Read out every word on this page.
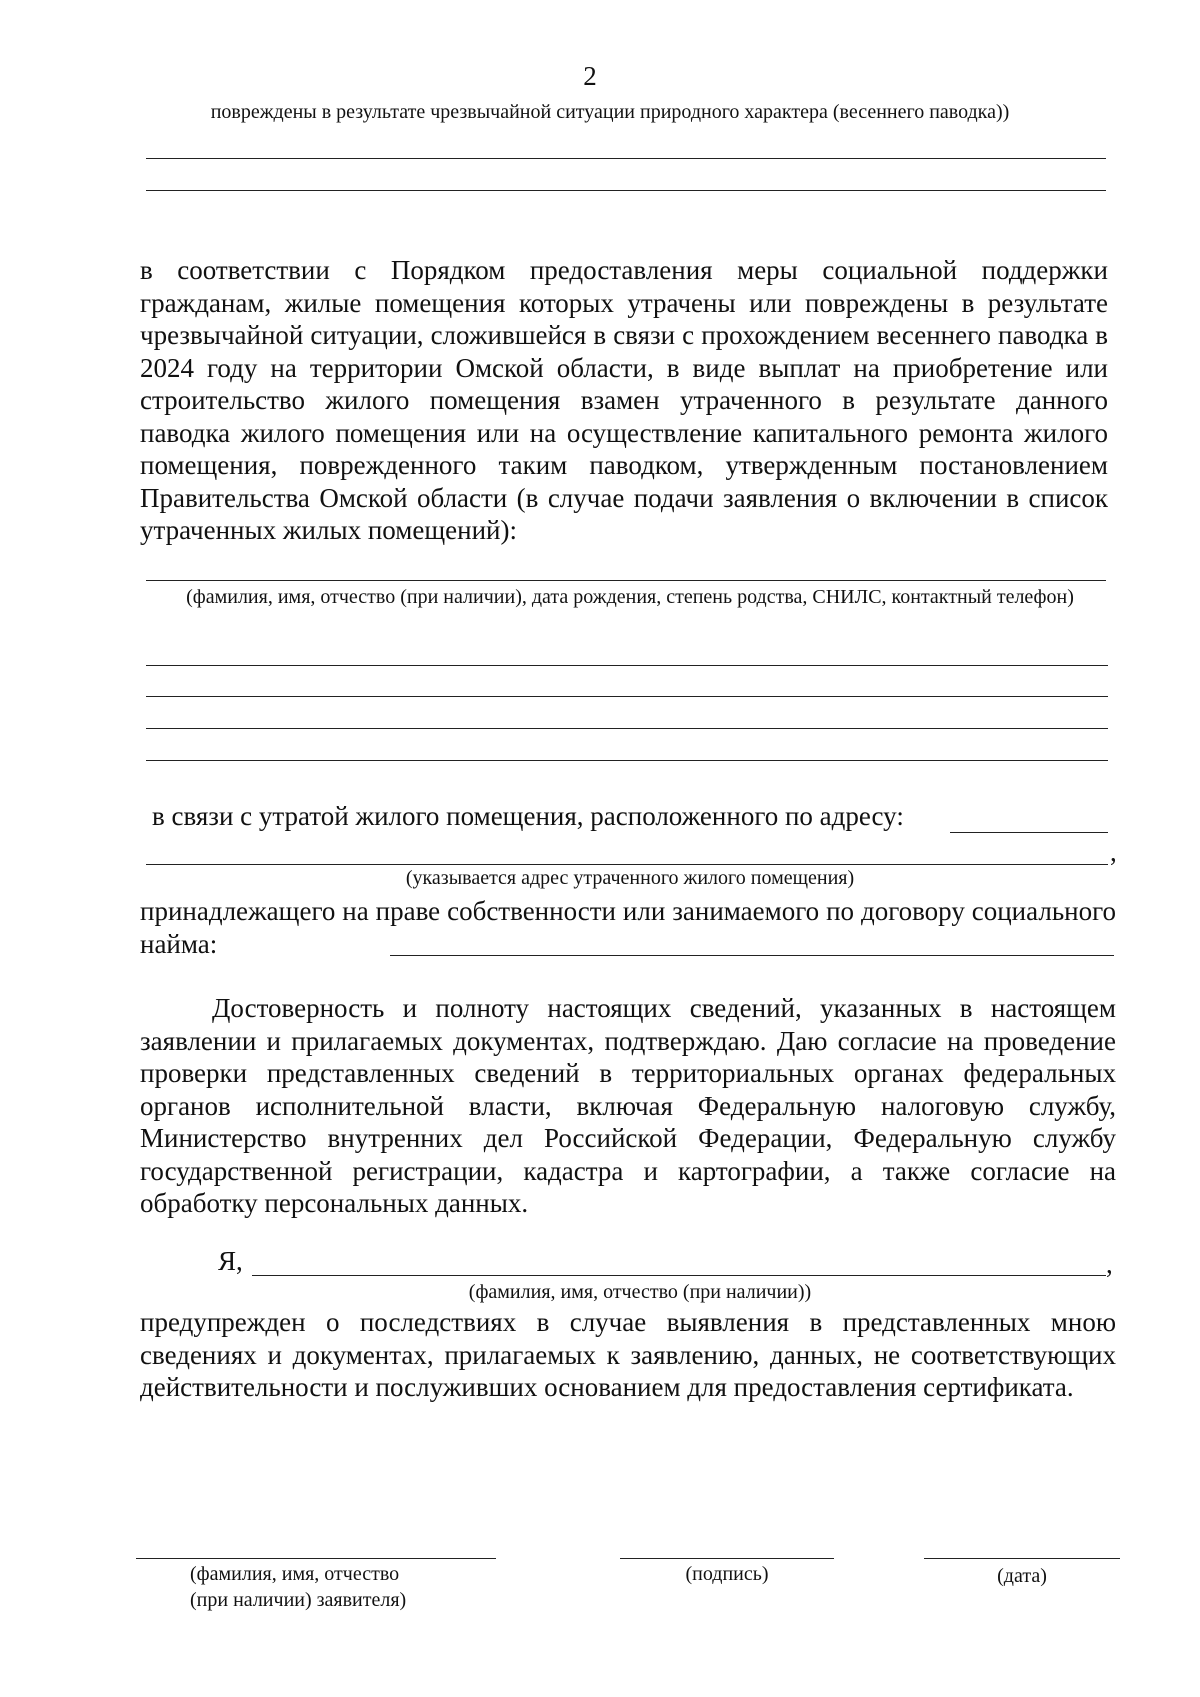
2
повреждены в результате чрезвычайной ситуации природного характера (весеннего паводка))
в соответствии с Порядком предоставления меры социальной поддержки гражданам, жилые помещения которых утрачены или повреждены в результате чрезвычайной ситуации, сложившейся в связи с прохождением весеннего паводка в 2024 году на территории Омской области, в виде выплат на приобретение или строительство жилого помещения взамен утраченного в результате данного паводка жилого помещения или на осуществление капитального ремонта жилого помещения, поврежденного таким паводком, утвержденным постановлением Правительства Омской области (в случае подачи заявления о включении в список утраченных жилых помещений):
(фамилия, имя, отчество (при наличии), дата рождения, степень родства, СНИЛС, контактный телефон)
в связи с утратой жилого помещения, расположенного по адресу:
,
(указывается адрес утраченного жилого помещения)
принадлежащего на праве собственности или занимаемого по договору социального найма:
Достоверность и полноту настоящих сведений, указанных в настоящем заявлении и прилагаемых документах, подтверждаю. Даю согласие на проведение проверки представленных сведений в территориальных органах федеральных органов исполнительной власти, включая Федеральную налоговую службу, Министерство внутренних дел Российской Федерации, Федеральную службу государственной регистрации, кадастра и картографии, а также согласие на обработку персональных данных.
Я,	,
(фамилия, имя, отчество (при наличии))
предупрежден о последствиях в случае выявления в представленных мною сведениях и документах, прилагаемых к заявлению, данных, не соответствующих действительности и послуживших основанием для предоставления сертификата.
(фамилия, имя, отчество
(при наличии) заявителя)
(подпись)	(дата)
